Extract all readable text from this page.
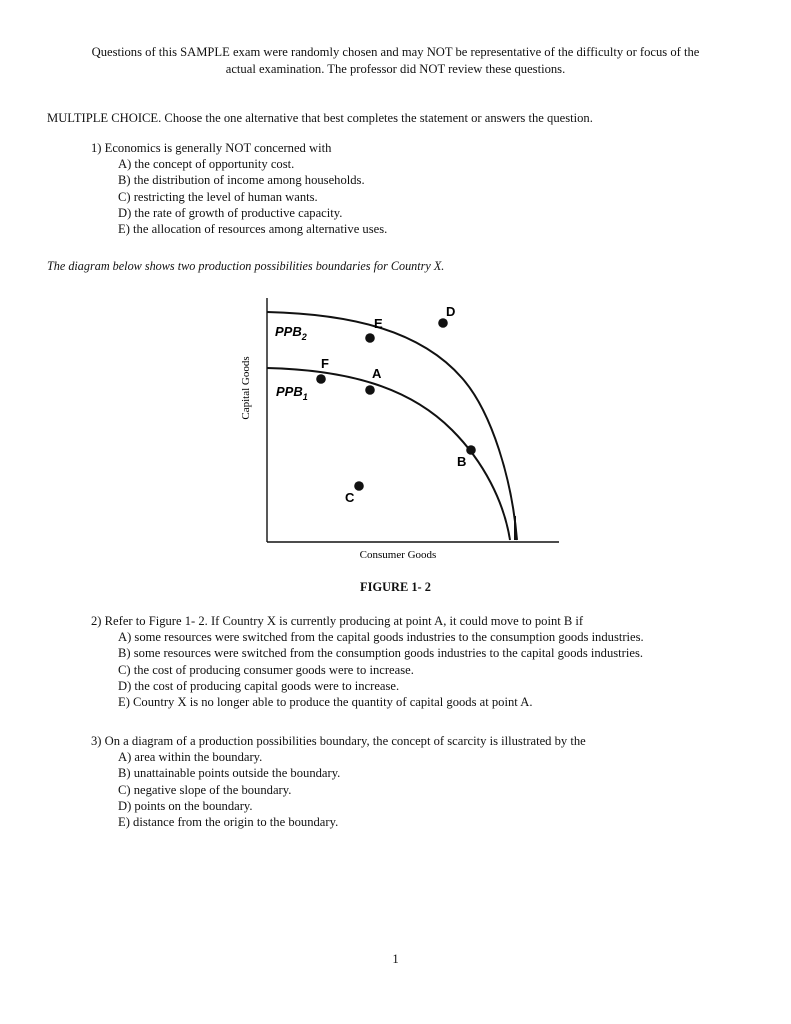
Questions of this SAMPLE exam were randomly chosen and may NOT be representative of the difficulty or focus of the
actual examination. The professor did NOT review these questions.
MULTIPLE CHOICE. Choose the one alternative that best completes the statement or answers the question.
1) Economics is generally NOT concerned with
A) the concept of opportunity cost.
B) the distribution of income among households.
C) restricting the level of human wants.
D) the rate of growth of productive capacity.
E) the allocation of resources among alternative uses.
The diagram below shows two production possibilities boundaries for Country X.
$PPB_2$
$PPB_1$
E
D
F
A
B
C
Capital Goods
Consumer Goods
FIGURE 1‑ 2
2) Refer to Figure 1‑ 2. If Country X is currently producing at point A, it could move to point B if
A) some resources were switched from the capital goods industries to the consumption goods industries.
B) some resources were switched from the consumption goods industries to the capital goods industries.
C) the cost of producing consumer goods were to increase.
D) the cost of producing capital goods were to increase.
E) Country X is no longer able to produce the quantity of capital goods at point A.
3) On a diagram of a production possibilities boundary, the concept of scarcity is illustrated by the
A) area within the boundary.
B) unattainable points outside the boundary.
C) negative slope of the boundary.
D) points on the boundary.
E) distance from the origin to the boundary.
1
